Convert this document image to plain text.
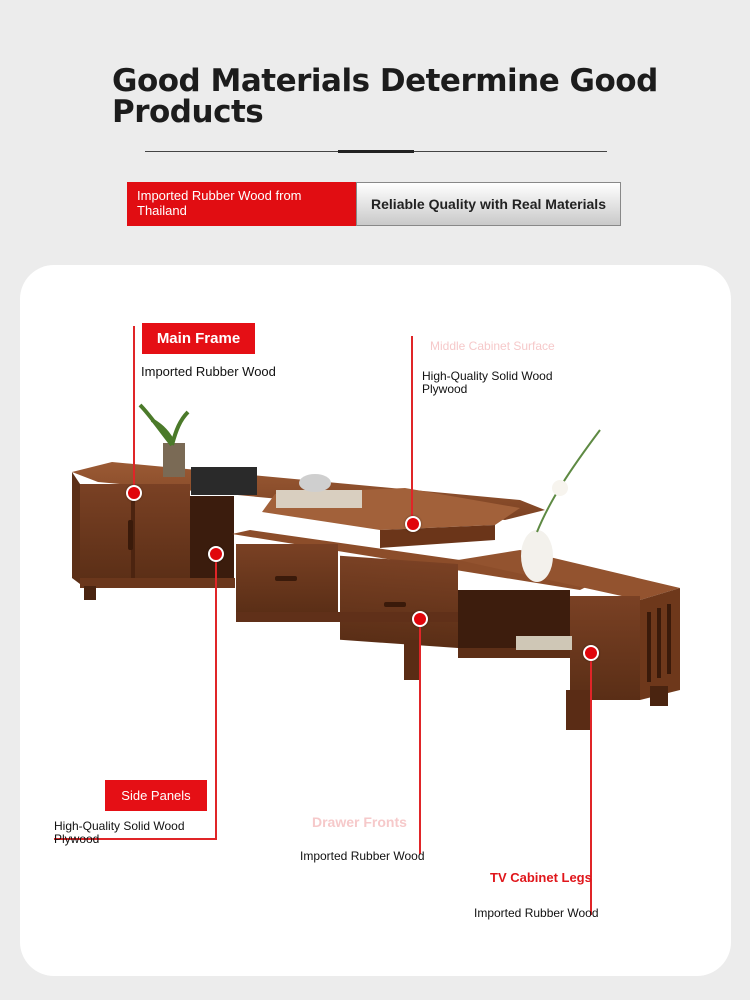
Good Materials Determine Good Products
Imported Rubber Wood from Thailand	Reliable Quality with Real Materials
Main Frame
Imported Rubber Wood
Middle Cabinet Surface
High-Quality Solid Wood
Plywood
Side Panels
High-Quality Solid Wood
Plywood
Drawer Fronts
Imported Rubber Wood
TV Cabinet Legs
Imported Rubber Wood
